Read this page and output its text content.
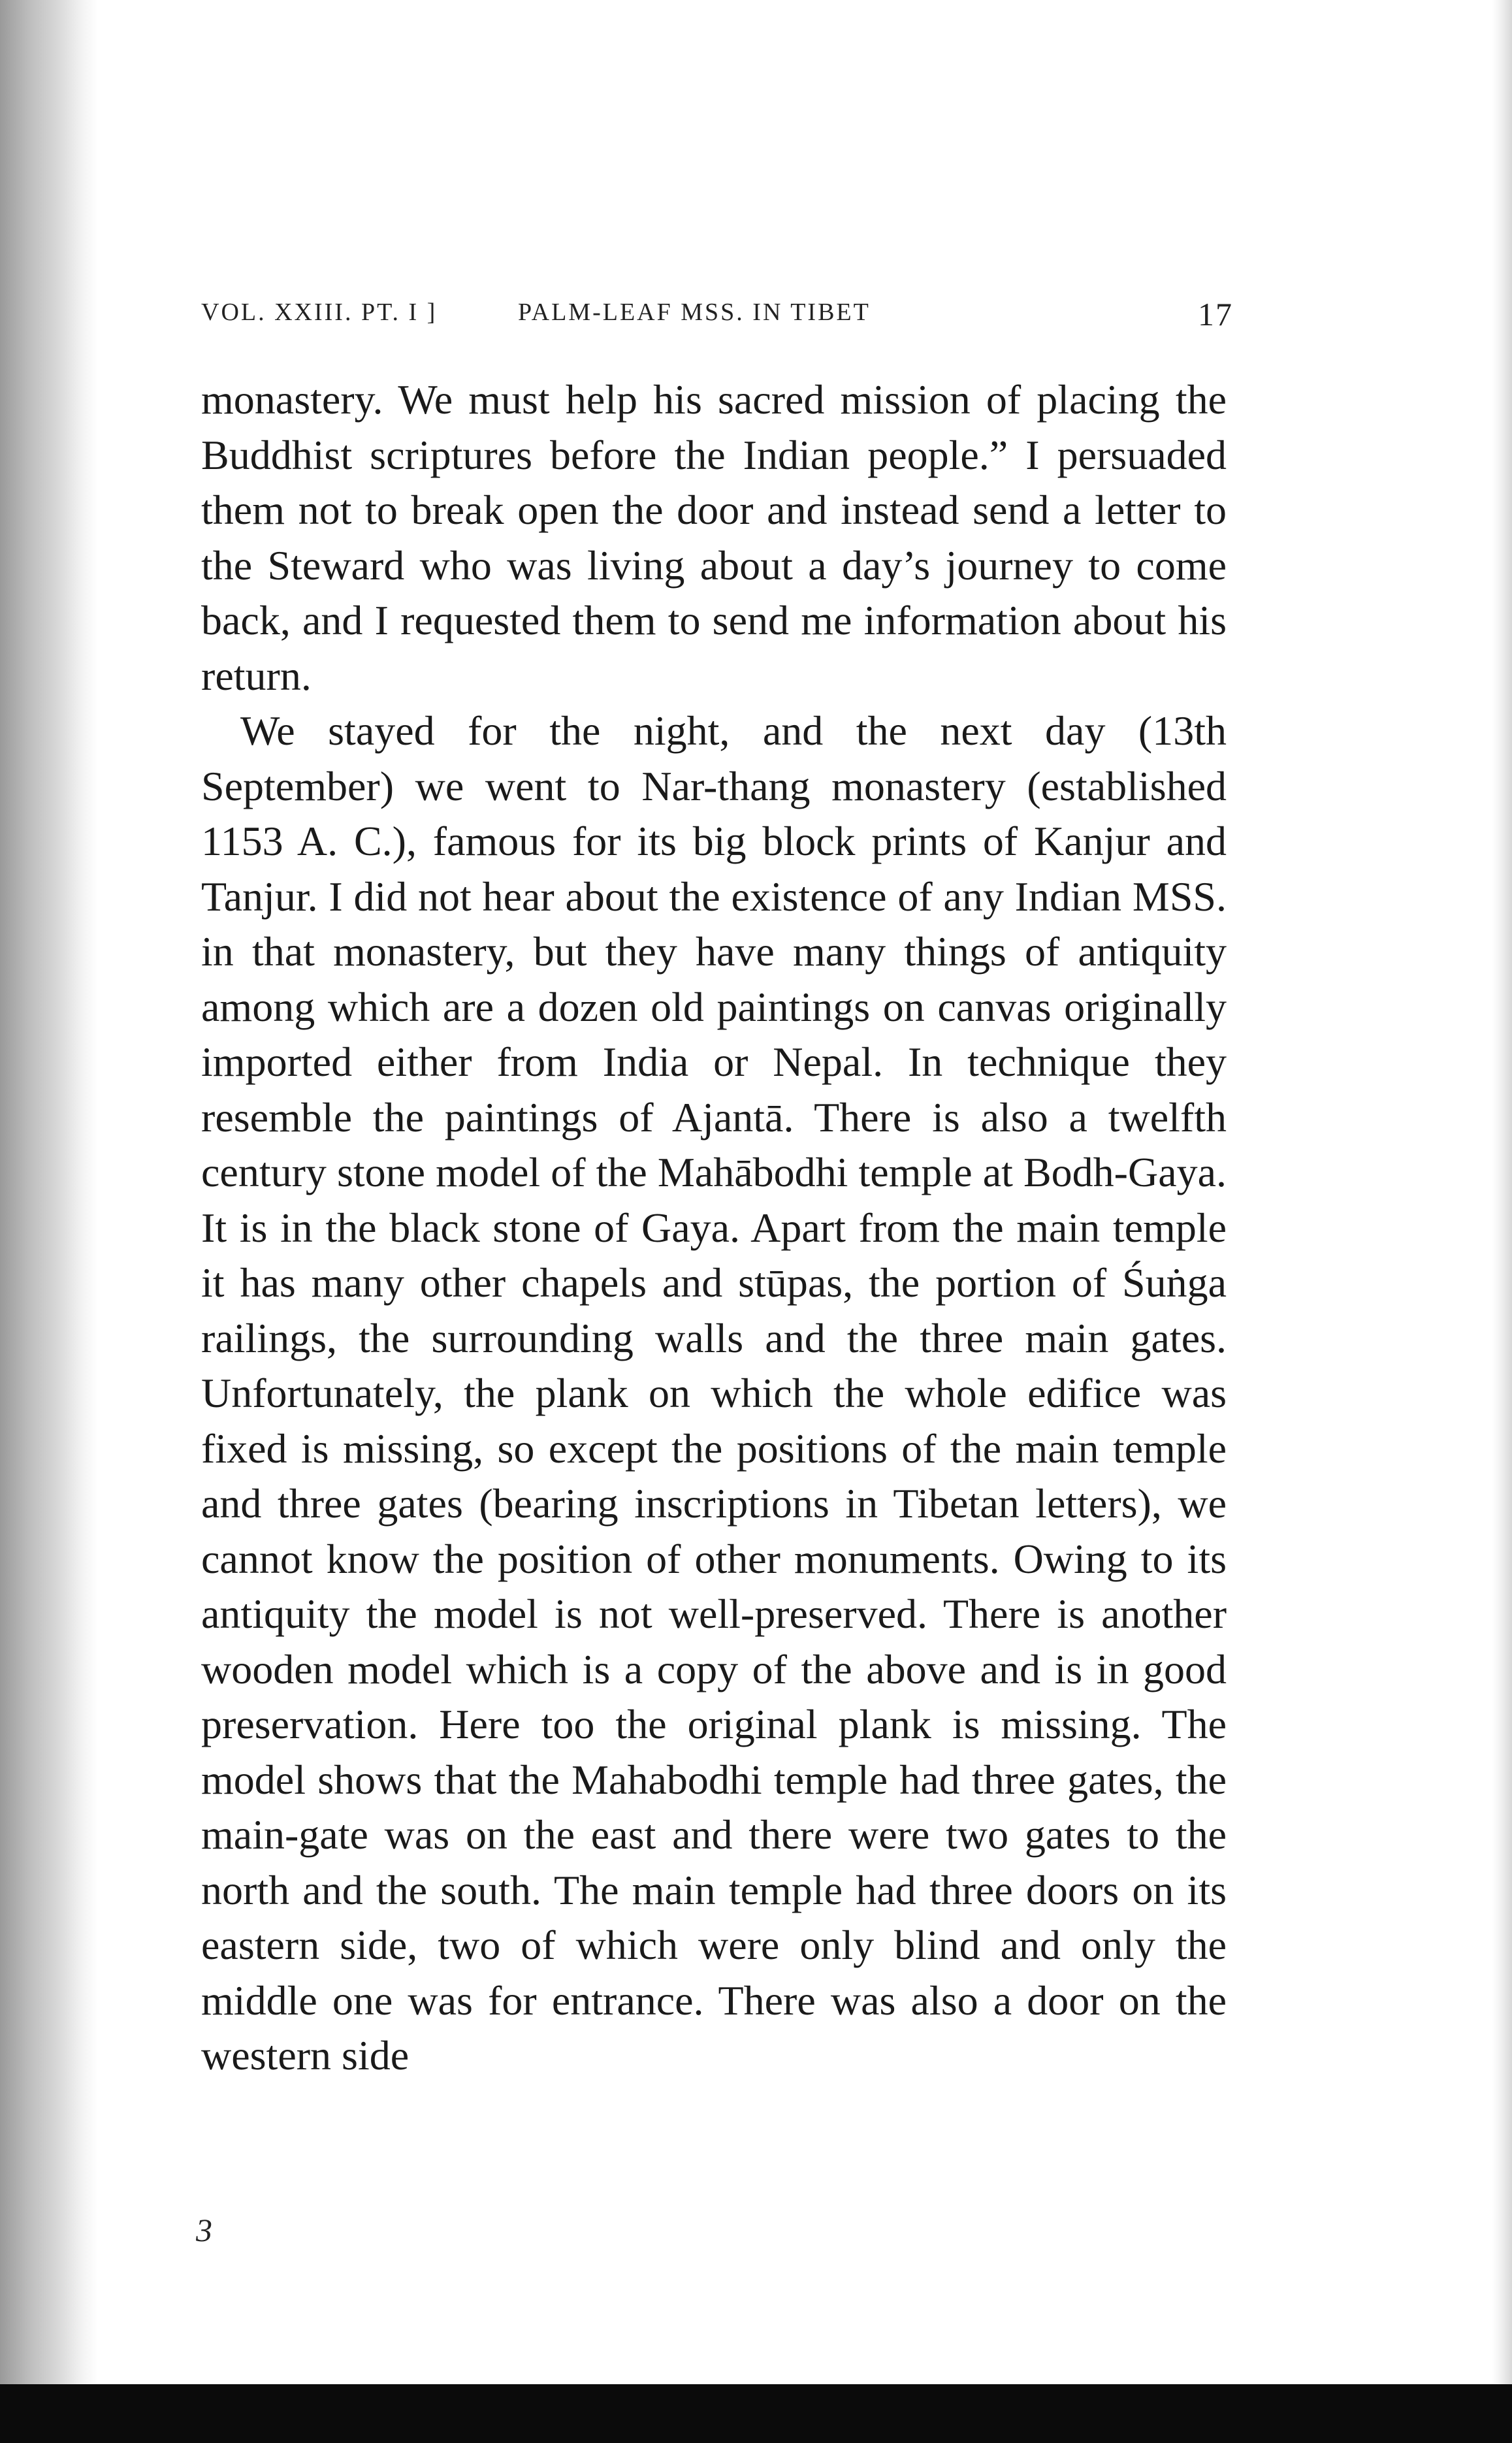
VOL. XXIII. PT. I ]	PALM-LEAF MSS. IN TIBET	17

monastery. We must help his sacred mission of placing the Buddhist scriptures before the Indian people.” I persuaded them not to break open the door and instead send a letter to the Steward who was living about a day’s journey to come back, and I requested them to send me information about his return.

We stayed for the night, and the next day (13th September) we went to Nar-thang monastery (established 1153 A. C.), famous for its big block prints of Kanjur and Tanjur. I did not hear about the existence of any Indian MSS. in that monastery, but they have many things of antiquity among which are a dozen old paintings on canvas originally imported either from India or Nepal. In technique they resemble the paintings of Ajantā. There is also a twelfth century stone model of the Mahābodhi temple at Bodh-Gaya. It is in the black stone of Gaya. Apart from the main temple it has many other chapels and stūpas, the portion of Śuṅga railings, the surrounding walls and the three main gates. Unfortunately, the plank on which the whole edifice was fixed is missing, so except the positions of the main temple and three gates (bearing inscriptions in Tibetan letters), we cannot know the position of other monuments. Owing to its antiquity the model is not well-preserved. There is another wooden model which is a copy of the above and is in good preservation. Here too the original plank is missing. The model shows that the Mahabodhi temple had three gates, the main-gate was on the east and there were two gates to the north and the south. The main temple had three doors on its eastern side, two of which were only blind and only the middle one was for entrance. There was also a door on the western side

3
